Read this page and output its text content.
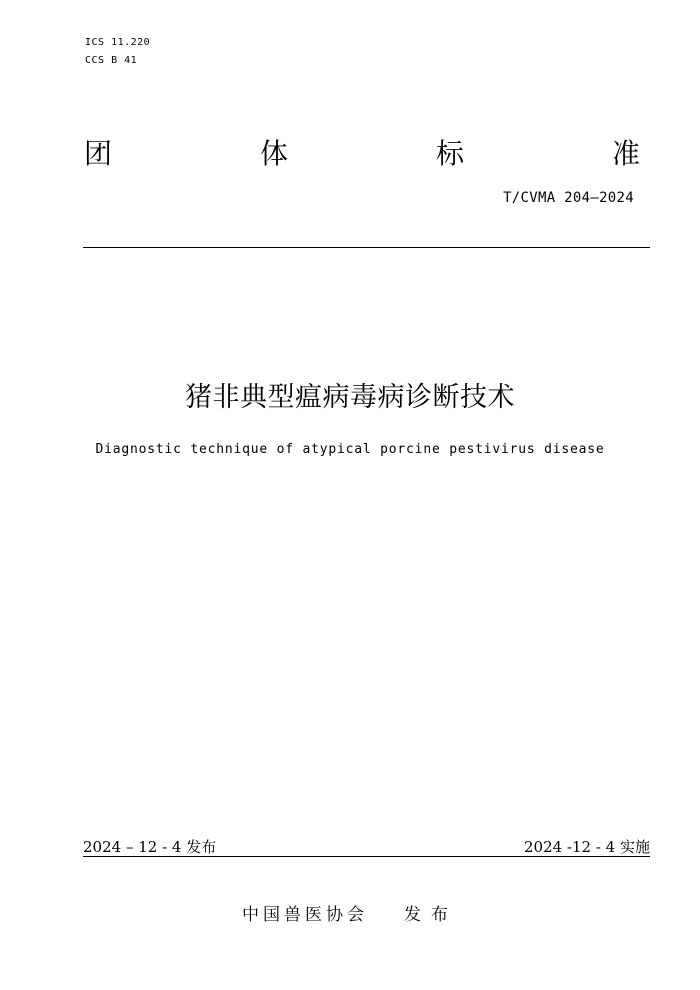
ICS 11.220
CCS B 41
团	体	标	准
T/CVMA 204—2024
猪非典型瘟病毒病诊断技术
Diagnostic technique of atypical porcine pestivirus disease
2024 – 12 - 4 发布	2024 -12 - 4 实施
中国兽医协会 发布
